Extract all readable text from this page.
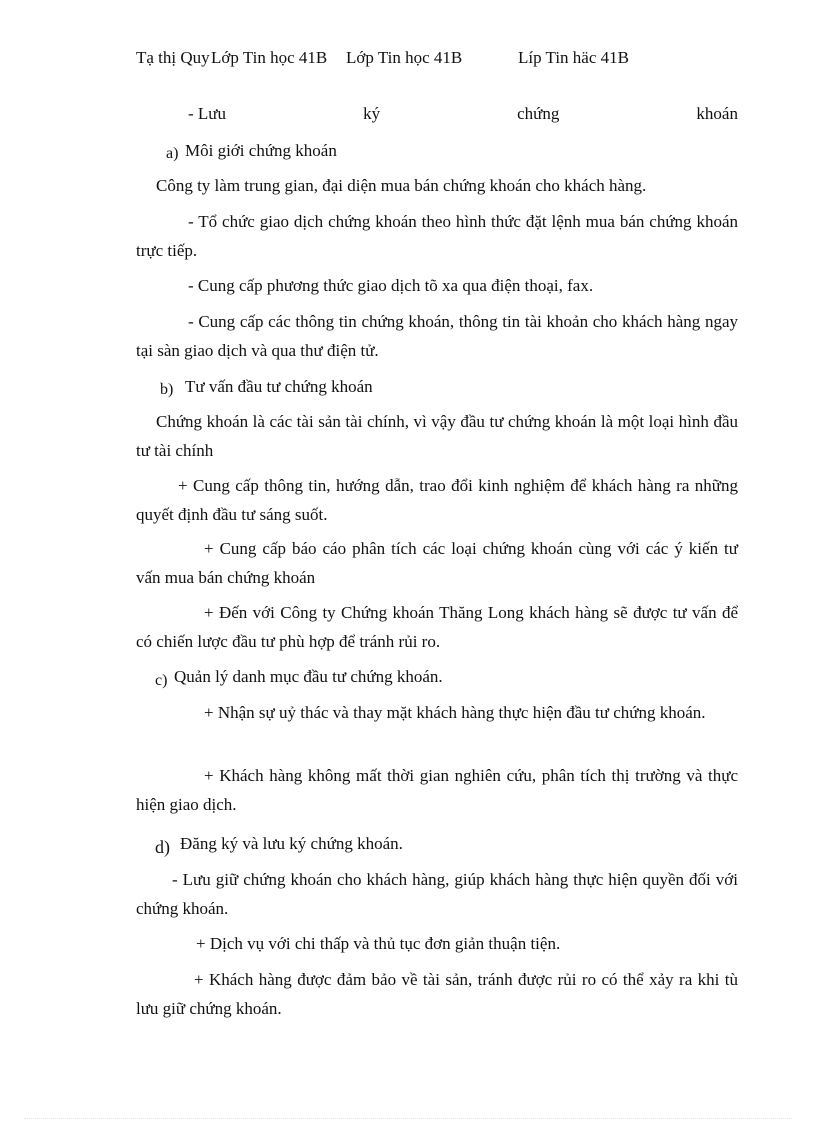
Tạ thị Quy Lớp Tin học 41B Lớp Tin học 41B	Líp Tin häc 41B
- Lưu	ký	chứng	khoán
a) Môi giới chứng khoán
Công ty làm trung gian, đại diện mua bán chứng khoán cho khách hàng.
- Tổ chức giao dịch chứng khoán theo hình thức đặt lệnh mua bán chứng khoán trực tiếp.
- Cung cấp phương thức giao dịch tõ xa qua điện thoại, fax.
- Cung cấp các thông tin chứng khoán, thông tin tài khoản cho khách hàng ngay tại sàn giao dịch và qua thư điện tử.
b) Tư vấn đầu tư chứng khoán
Chứng khoán là các tài sản tài chính, vì vậy đầu tư chứng khoán là một loại hình đầu tư tài chính
+ Cung cấp thông tin, hướng dẫn, trao đổi kinh nghiệm để khách hàng ra những quyết định đầu tư sáng suốt.
+ Cung cấp báo cáo phân tích các loại chứng khoán cùng với các ý kiến tư vấn mua bán chứng khoán
+ Đến với Công ty Chứng khoán Thăng Long khách hàng sẽ được tư vấn để có chiến lược đầu tư phù hợp để tránh rủi ro.
c) Quản lý danh mục đầu tư chứng khoán.
+ Nhận sự uỷ thác và thay mặt khách hàng thực hiện đầu tư chứng khoán.
+ Khách hàng không mất thời gian nghiên cứu, phân tích thị trường và thực hiện giao dịch.
d) Đăng ký và lưu ký chứng khoán.
- Lưu giữ chứng khoán cho khách hàng, giúp khách hàng thực hiện quyền đối với chứng khoán.
+ Dịch vụ với chi thấp và thủ tục đơn giản thuận tiện.
+ Khách hàng được đảm bảo về tài sản, tránh được rủi ro có thể xảy ra khi tù lưu giữ chứng khoán.
